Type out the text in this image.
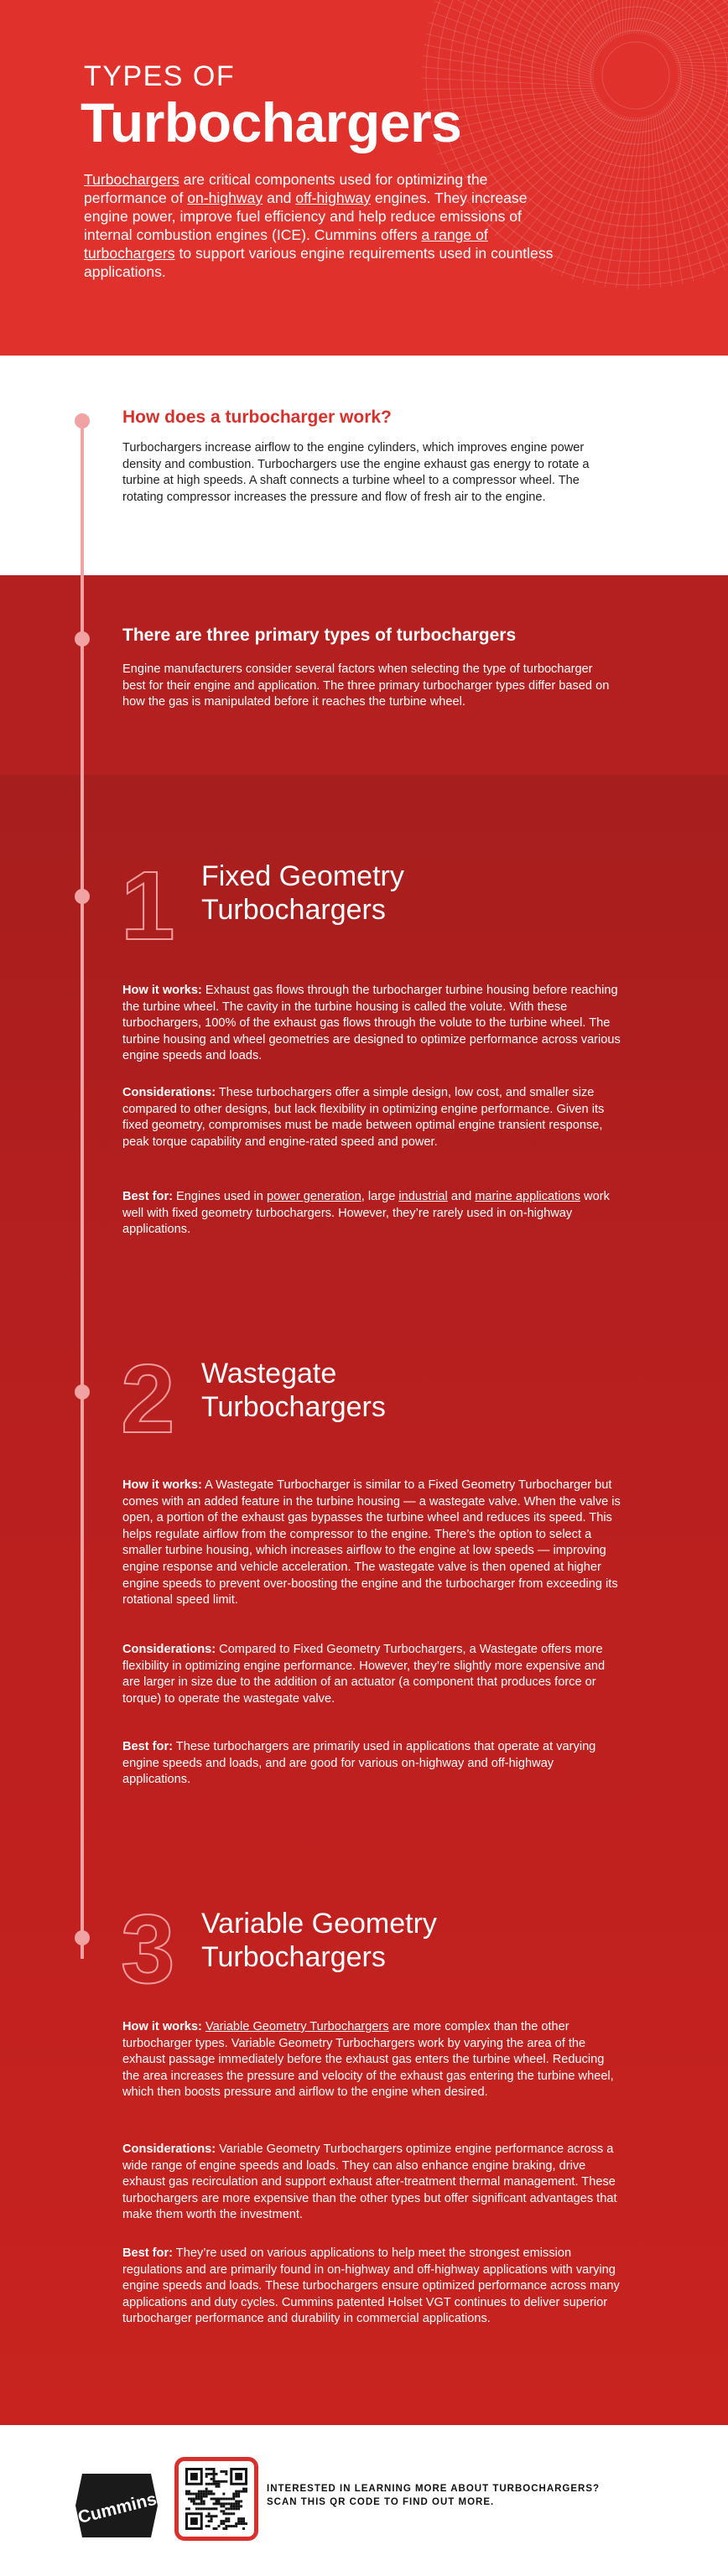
TYPES OF
Turbochargers
Turbochargers are critical components used for optimizing the performance of on-highway and off-highway engines. They increase engine power, improve fuel efficiency and help reduce emissions of internal combustion engines (ICE). Cummins offers a range of turbochargers to support various engine requirements used in countless applications.
How does a turbocharger work?
Turbochargers increase airflow to the engine cylinders, which improves engine power density and combustion. Turbochargers use the engine exhaust gas energy to rotate a turbine at high speeds. A shaft connects a turbine wheel to a compressor wheel. The rotating compressor increases the pressure and flow of fresh air to the engine.
There are three primary types of turbochargers
Engine manufacturers consider several factors when selecting the type of turbocharger best for their engine and application. The three primary turbocharger types differ based on how the gas is manipulated before it reaches the turbine wheel.
1 Fixed Geometry
Turbochargers
How it works: Exhaust gas flows through the turbocharger turbine housing before reaching the turbine wheel. The cavity in the turbine housing is called the volute. With these turbochargers, 100% of the exhaust gas flows through the volute to the turbine wheel. The turbine housing and wheel geometries are designed to optimize performance across various engine speeds and loads.
Considerations: These turbochargers offer a simple design, low cost, and smaller size compared to other designs, but lack flexibility in optimizing engine performance. Given its fixed geometry, compromises must be made between optimal engine transient response, peak torque capability and engine-rated speed and power.
Best for: Engines used in power generation, large industrial and marine applications work well with fixed geometry turbochargers. However, they’re rarely used in on-highway applications.
2 Wastegate
Turbochargers
How it works: A Wastegate Turbocharger is similar to a Fixed Geometry Turbocharger but comes with an added feature in the turbine housing — a wastegate valve. When the valve is open, a portion of the exhaust gas bypasses the turbine wheel and reduces its speed. This helps regulate airflow from the compressor to the engine. There’s the option to select a smaller turbine housing, which increases airflow to the engine at low speeds — improving engine response and vehicle acceleration. The wastegate valve is then opened at higher engine speeds to prevent over-boosting the engine and the turbocharger from exceeding its rotational speed limit.
Considerations: Compared to Fixed Geometry Turbochargers, a Wastegate offers more flexibility in optimizing engine performance. However, they’re slightly more expensive and are larger in size due to the addition of an actuator (a component that produces force or torque) to operate the wastegate valve.
Best for: These turbochargers are primarily used in applications that operate at varying engine speeds and loads, and are good for various on-highway and off-highway applications.
3 Variable Geometry
Turbochargers
How it works: Variable Geometry Turbochargers are more complex than the other turbocharger types. Variable Geometry Turbochargers work by varying the area of the exhaust passage immediately before the exhaust gas enters the turbine wheel. Reducing the area increases the pressure and velocity of the exhaust gas entering the turbine wheel, which then boosts pressure and airflow to the engine when desired.
Considerations: Variable Geometry Turbochargers optimize engine performance across a wide range of engine speeds and loads. They can also enhance engine braking, drive exhaust gas recirculation and support exhaust after-treatment thermal management. These turbochargers are more expensive than the other types but offer significant advantages that make them worth the investment.
Best for: They’re used on various applications to help meet the strongest emission regulations and are primarily found in on-highway and off-highway applications with varying engine speeds and loads. These turbochargers ensure optimized performance across many applications and duty cycles. Cummins patented Holset VGT continues to deliver superior turbocharger performance and durability in commercial applications.
Cummins
INTERESTED IN LEARNING MORE ABOUT TURBOCHARGERS?
SCAN THIS QR CODE TO FIND OUT MORE.
